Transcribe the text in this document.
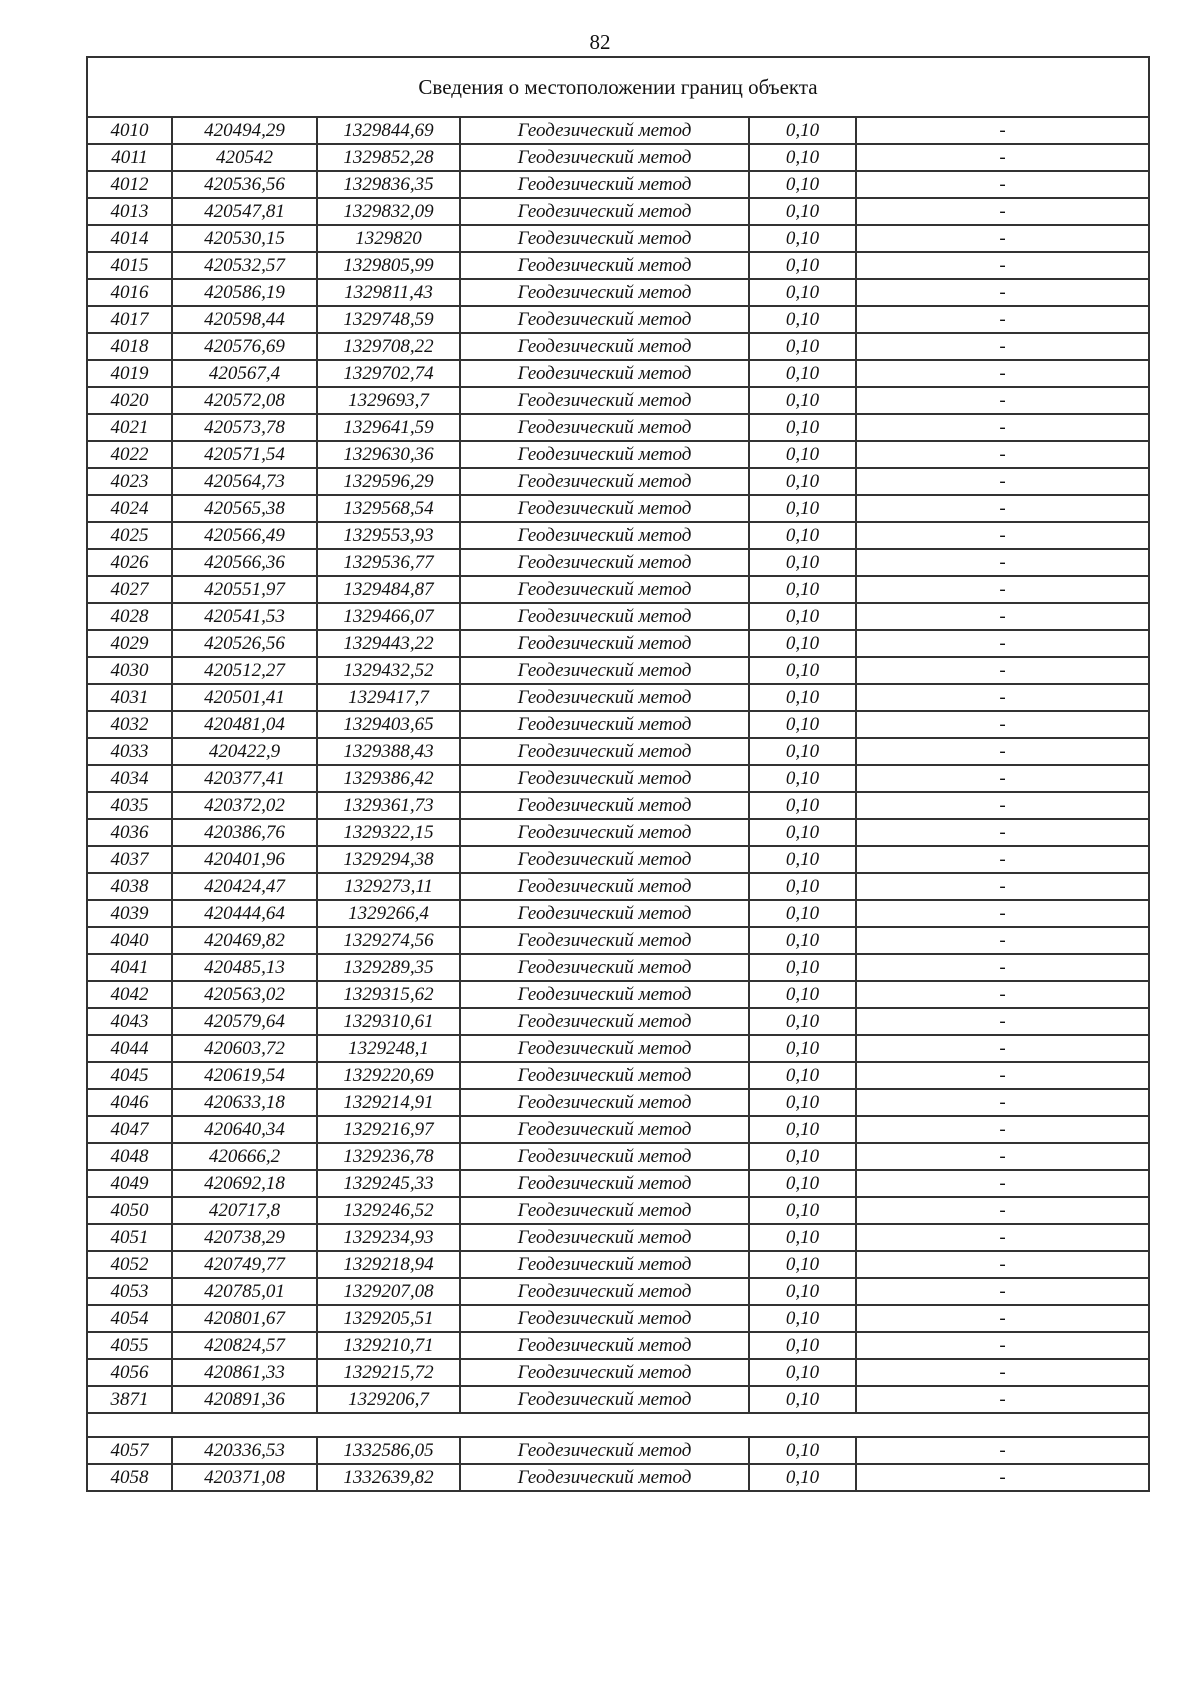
82
Сведения о местоположении границ объекта					
4010	420494,29	1329844,69	Геодезический метод	0,10	-
4011	420542	1329852,28	Геодезический метод	0,10	-
4012	420536,56	1329836,35	Геодезический метод	0,10	-
4013	420547,81	1329832,09	Геодезический метод	0,10	-
4014	420530,15	1329820	Геодезический метод	0,10	-
4015	420532,57	1329805,99	Геодезический метод	0,10	-
4016	420586,19	1329811,43	Геодезический метод	0,10	-
4017	420598,44	1329748,59	Геодезический метод	0,10	-
4018	420576,69	1329708,22	Геодезический метод	0,10	-
4019	420567,4	1329702,74	Геодезический метод	0,10	-
4020	420572,08	1329693,7	Геодезический метод	0,10	-
4021	420573,78	1329641,59	Геодезический метод	0,10	-
4022	420571,54	1329630,36	Геодезический метод	0,10	-
4023	420564,73	1329596,29	Геодезический метод	0,10	-
4024	420565,38	1329568,54	Геодезический метод	0,10	-
4025	420566,49	1329553,93	Геодезический метод	0,10	-
4026	420566,36	1329536,77	Геодезический метод	0,10	-
4027	420551,97	1329484,87	Геодезический метод	0,10	-
4028	420541,53	1329466,07	Геодезический метод	0,10	-
4029	420526,56	1329443,22	Геодезический метод	0,10	-
4030	420512,27	1329432,52	Геодезический метод	0,10	-
4031	420501,41	1329417,7	Геодезический метод	0,10	-
4032	420481,04	1329403,65	Геодезический метод	0,10	-
4033	420422,9	1329388,43	Геодезический метод	0,10	-
4034	420377,41	1329386,42	Геодезический метод	0,10	-
4035	420372,02	1329361,73	Геодезический метод	0,10	-
4036	420386,76	1329322,15	Геодезический метод	0,10	-
4037	420401,96	1329294,38	Геодезический метод	0,10	-
4038	420424,47	1329273,11	Геодезический метод	0,10	-
4039	420444,64	1329266,4	Геодезический метод	0,10	-
4040	420469,82	1329274,56	Геодезический метод	0,10	-
4041	420485,13	1329289,35	Геодезический метод	0,10	-
4042	420563,02	1329315,62	Геодезический метод	0,10	-
4043	420579,64	1329310,61	Геодезический метод	0,10	-
4044	420603,72	1329248,1	Геодезический метод	0,10	-
4045	420619,54	1329220,69	Геодезический метод	0,10	-
4046	420633,18	1329214,91	Геодезический метод	0,10	-
4047	420640,34	1329216,97	Геодезический метод	0,10	-
4048	420666,2	1329236,78	Геодезический метод	0,10	-
4049	420692,18	1329245,33	Геодезический метод	0,10	-
4050	420717,8	1329246,52	Геодезический метод	0,10	-
4051	420738,29	1329234,93	Геодезический метод	0,10	-
4052	420749,77	1329218,94	Геодезический метод	0,10	-
4053	420785,01	1329207,08	Геодезический метод	0,10	-
4054	420801,67	1329205,51	Геодезический метод	0,10	-
4055	420824,57	1329210,71	Геодезический метод	0,10	-
4056	420861,33	1329215,72	Геодезический метод	0,10	-
3871	420891,36	1329206,7	Геодезический метод	0,10	-

4057	420336,53	1332586,05	Геодезический метод	0,10	-
4058	420371,08	1332639,82	Геодезический метод	0,10	-
